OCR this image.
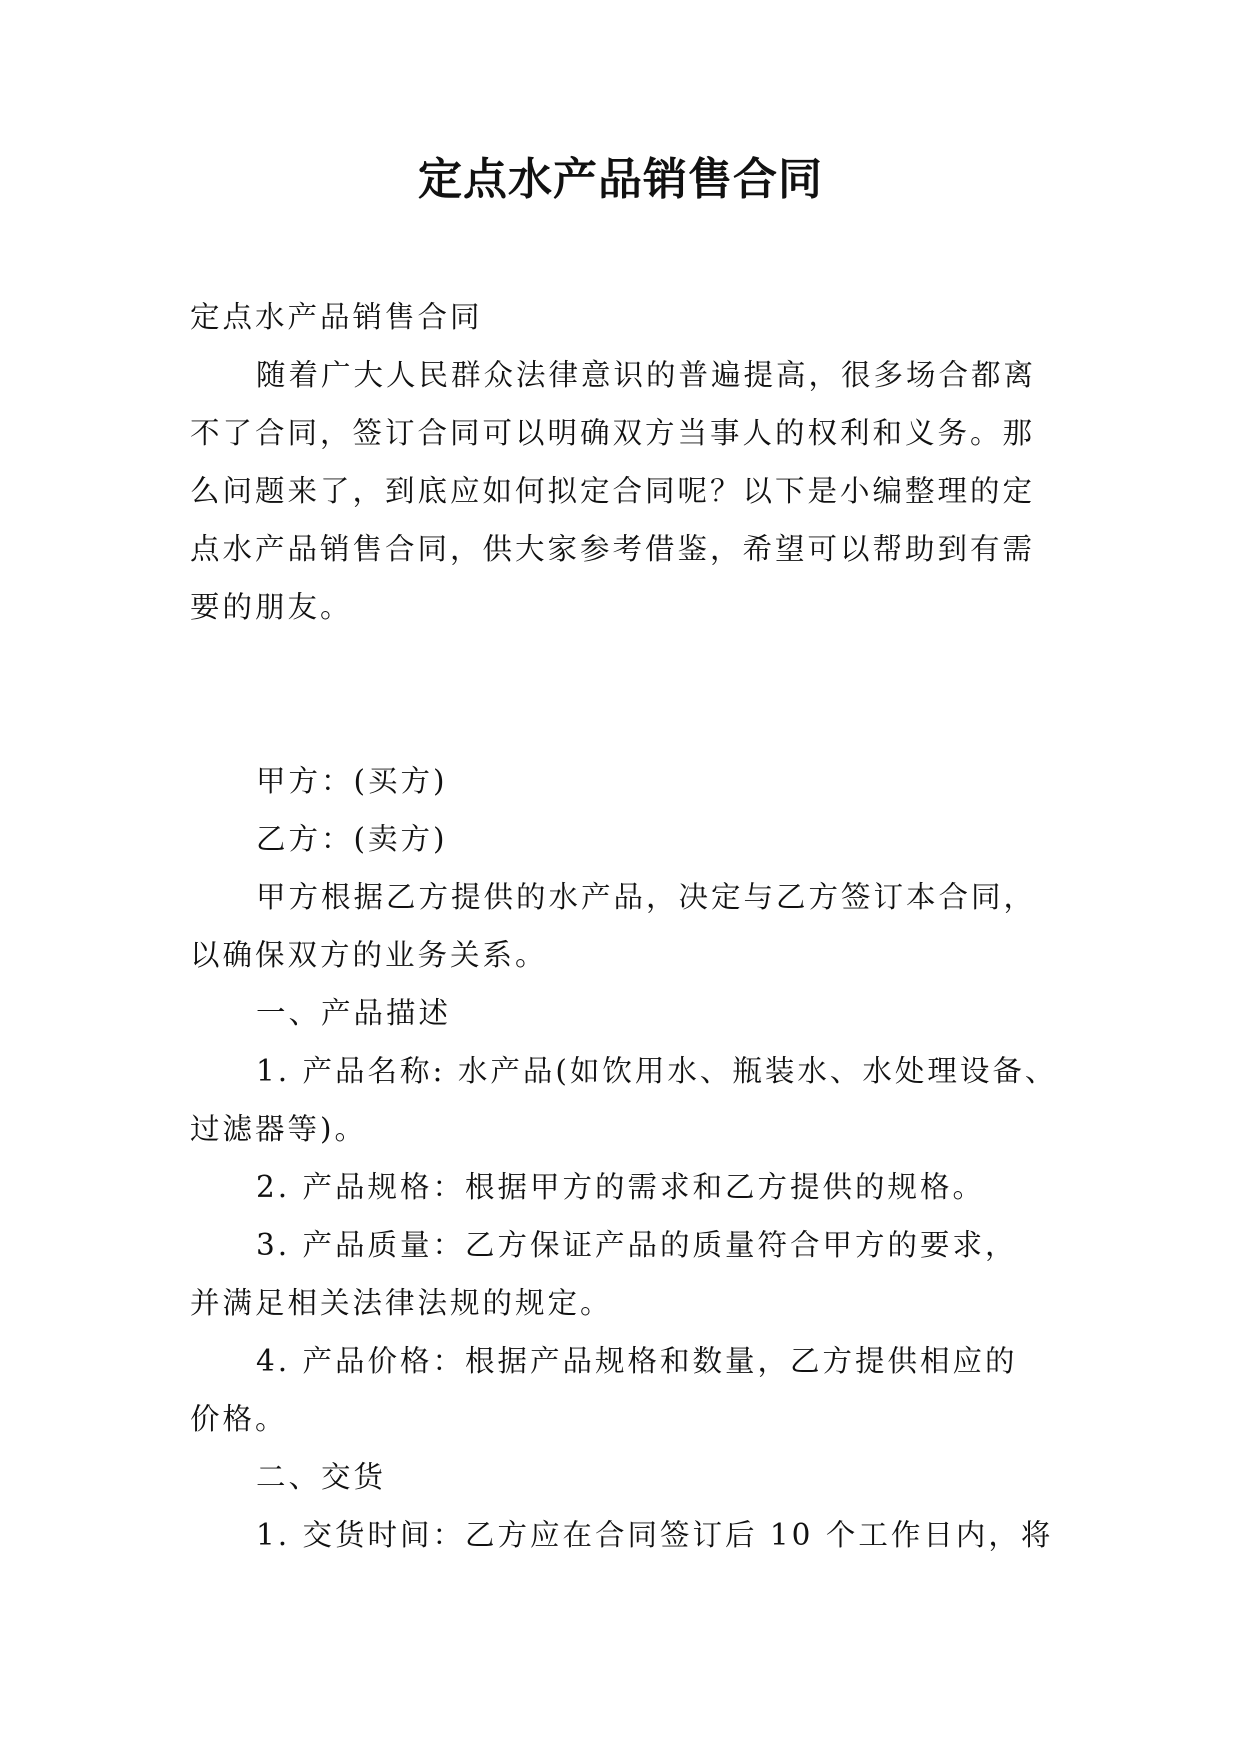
定点水产品销售合同
定点水产品销售合同
随着广大人民群众法律意识的普遍提高，很多场合都离
不了合同，签订合同可以明确双方当事人的权利和义务。那
么问题来了，到底应如何拟定合同呢？以下是小编整理的定
点水产品销售合同，供大家参考借鉴，希望可以帮助到有需
要的朋友。
甲方：(买方)
乙方：(卖方)
甲方根据乙方提供的水产品，决定与乙方签订本合同，
以确保双方的业务关系。
一、产品描述
1. 产品名称: 水产品(如饮用水、瓶装水、水处理设备、
过滤器等)。
2. 产品规格：根据甲方的需求和乙方提供的规格。
3. 产品质量：乙方保证产品的质量符合甲方的要求，
并满足相关法律法规的规定。
4. 产品价格：根据产品规格和数量，乙方提供相应的
价格。
二、交货
1. 交货时间：乙方应在合同签订后 10 个工作日内，将
